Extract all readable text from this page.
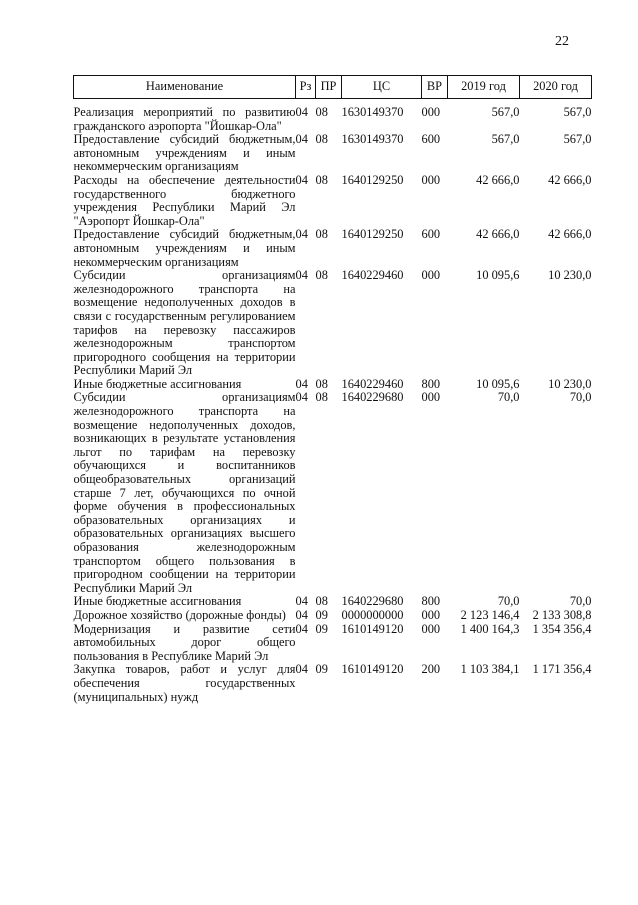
22
Наименование	Рз	ПР	ЦС	ВР	2019 год	2020 год
Реализация мероприятий по развитию гражданского аэропорта "Йошкар-Ола"	04	08	1630149370	000	567,0	567,0
Предоставление субсидий бюджетным, автономным учреждениям и иным некоммерческим организациям	04	08	1630149370	600	567,0	567,0
Расходы на обеспечение деятельности государственного бюджетного учреждения Республики Марий Эл "Аэропорт Йошкар-Ола"	04	08	1640129250	000	42 666,0	42 666,0
Предоставление субсидий бюджетным, автономным учреждениям и иным некоммерческим организациям	04	08	1640129250	600	42 666,0	42 666,0
Субсидии организациям железнодорожного транспорта на возмещение недополученных доходов в связи с государственным регулированием тарифов на перевозку пассажиров железнодорожным транспортом пригородного сообщения на территории Республики Марий Эл	04	08	1640229460	000	10 095,6	10 230,0
Иные бюджетные ассигнования	04	08	1640229460	800	10 095,6	10 230,0
Субсидии организациям железнодорожного транспорта на возмещение недополученных доходов, возникающих в результате установления льгот по тарифам на перевозку обучающихся и воспитанников общеобразовательных организаций старше 7 лет, обучающихся по очной форме обучения в профессиональных образовательных организациях и образовательных организациях высшего образования железнодорожным транспортом общего пользования в пригородном сообщении на территории Республики Марий Эл	04	08	1640229680	000	70,0	70,0
Иные бюджетные ассигнования	04	08	1640229680	800	70,0	70,0
Дорожное хозяйство (дорожные фонды)	04	09	0000000000	000	2 123 146,4	2 133 308,8
Модернизация и развитие сети автомобильных дорог общего пользования в Республике Марий Эл	04	09	1610149120	000	1 400 164,3	1 354 356,4
Закупка товаров, работ и услуг для обеспечения государственных (муниципальных) нужд	04	09	1610149120	200	1 103 384,1	1 171 356,4
